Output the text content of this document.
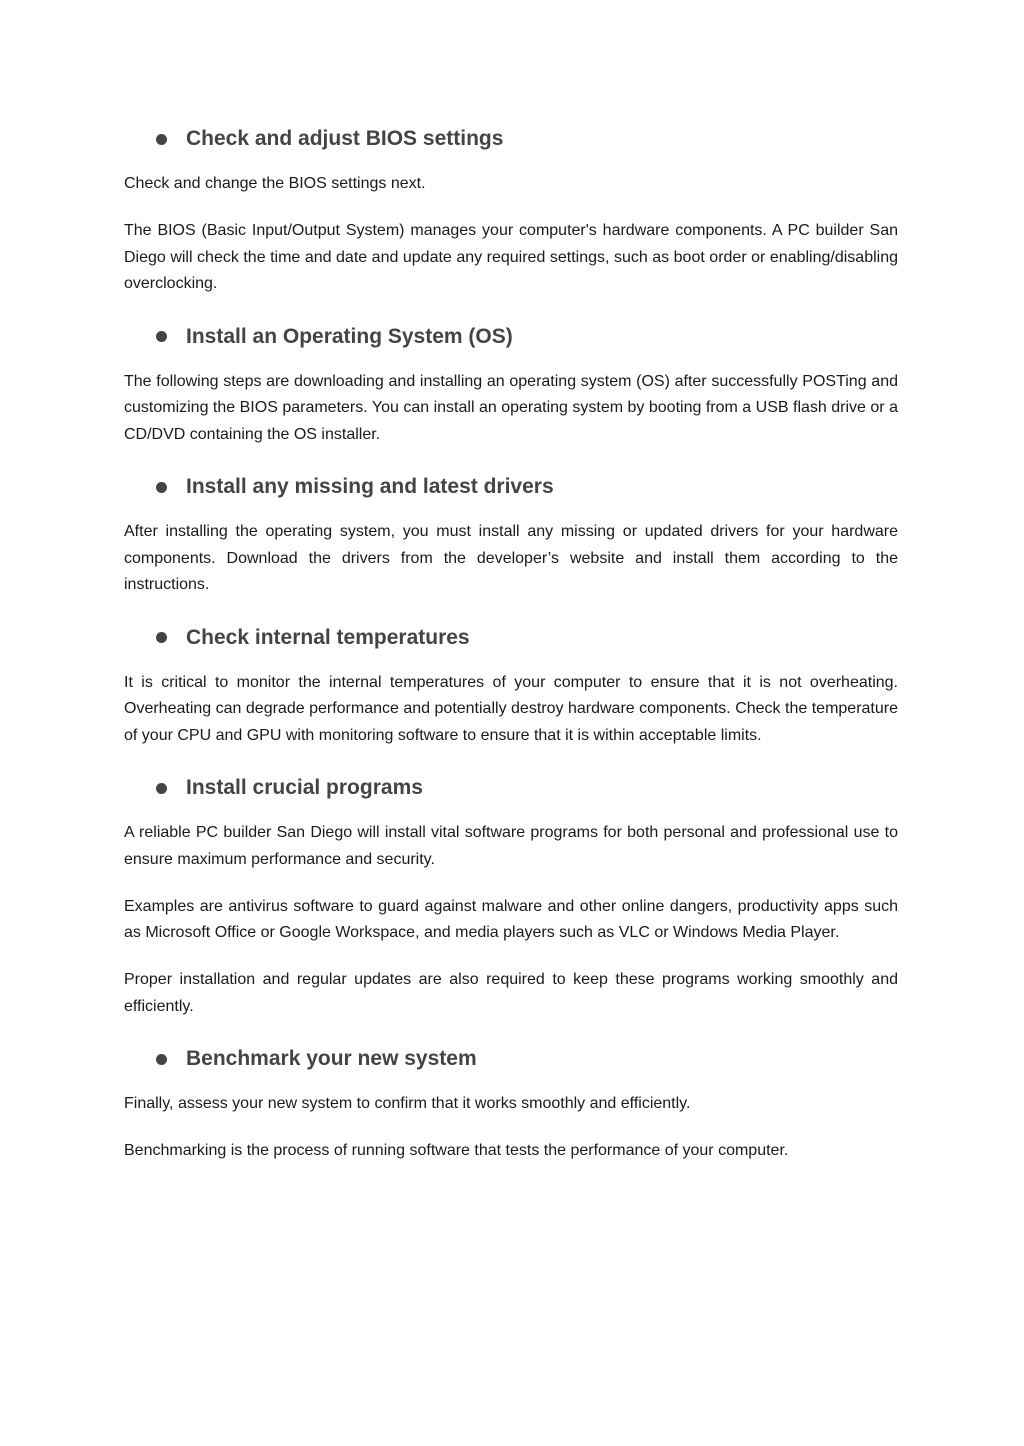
Check and adjust BIOS settings

Check and change the BIOS settings next.

The BIOS (Basic Input/Output System) manages your computer's hardware components. A PC builder San Diego will check the time and date and update any required settings, such as boot order or enabling/disabling overclocking.

Install an Operating System (OS)

The following steps are downloading and installing an operating system (OS) after successfully POSTing and customizing the BIOS parameters. You can install an operating system by booting from a USB flash drive or a CD/DVD containing the OS installer.

Install any missing and latest drivers

After installing the operating system, you must install any missing or updated drivers for your hardware components. Download the drivers from the developer’s website and install them according to the instructions.

Check internal temperatures

It is critical to monitor the internal temperatures of your computer to ensure that it is not overheating. Overheating can degrade performance and potentially destroy hardware components. Check the temperature of your CPU and GPU with monitoring software to ensure that it is within acceptable limits.

Install crucial programs

A reliable PC builder San Diego will install vital software programs for both personal and professional use to ensure maximum performance and security.

Examples are antivirus software to guard against malware and other online dangers, productivity apps such as Microsoft Office or Google Workspace, and media players such as VLC or Windows Media Player.

Proper installation and regular updates are also required to keep these programs working smoothly and efficiently.

Benchmark your new system

Finally, assess your new system to confirm that it works smoothly and efficiently.

Benchmarking is the process of running software that tests the performance of your computer.
